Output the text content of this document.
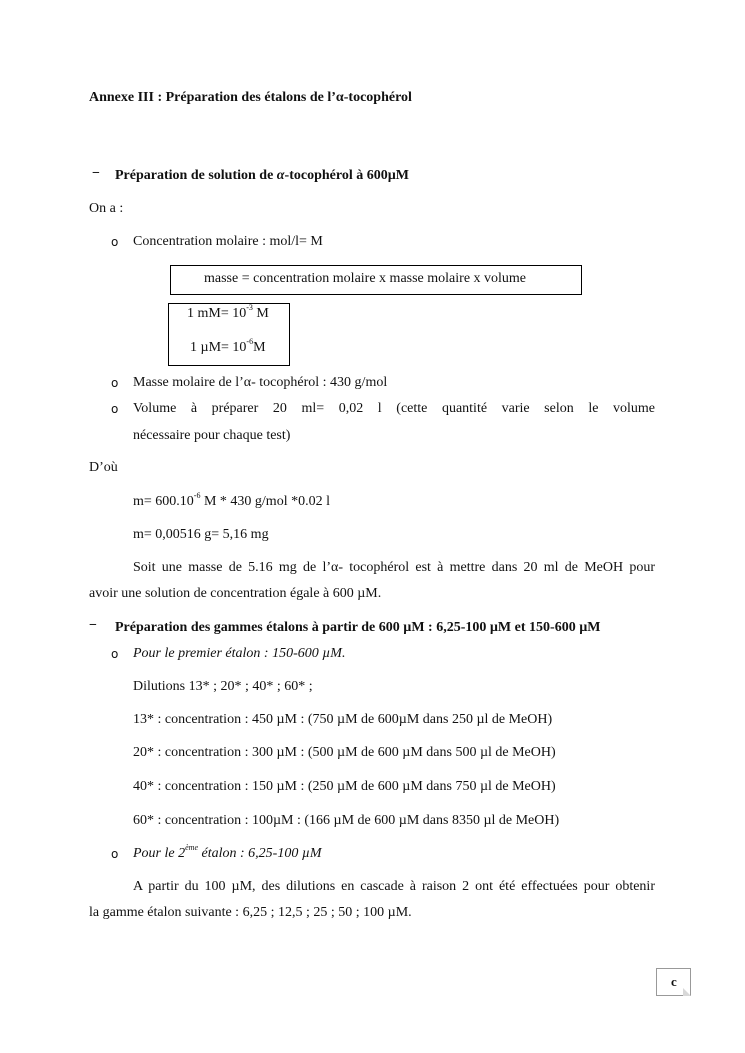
Annexe III : Préparation des étalons de l’α-tocophérol
− Préparation de solution de α-tocophérol à 600µM
On a :
o Concentration molaire : mol/l= M
masse = concentration molaire x masse molaire x volume
1 $mM= 10^{-3}$ M
1 $\mu M= 10^{-6}M$
o Masse molaire de l’α- tocophérol : 430 g/mol
o Volume à préparer 20 ml= 0,02 l (cette quantité varie selon le volume
nécessaire pour chaque test)
D’où
$m= 600.10^{-6}$ M * 430 g/mol *0.02 l
m= 0,00516 g= 5,16 mg
Soit une masse de 5.16 mg de l’α- tocophérol est à mettre dans 20 ml de MeOH pour
avoir une solution de concentration égale à 600 µM.
− Préparation des gammes étalons à partir de 600 µM : 6,25-100 µM et 150-600 µM
o Pour le premier étalon : 150-600 µM.
Dilutions 13* ; 20* ; 40* ; 60* ;
13* : concentration : 450 µM : (750 µM de 600µM dans 250 µl de MeOH)
20* : concentration : 300 µM : (500 µM de 600 µM dans 500 µl de MeOH)
40* : concentration : 150 µM : (250 µM de 600 µM dans 750 µl de MeOH)
60* : concentration : 100µM : (166 µM de 600 µM dans 8350 µl de MeOH)
o Pour le 2ème étalon : 6,25-100 µM
A partir du 100 µM, des dilutions en cascade à raison 2 ont été effectuées pour obtenir
la gamme étalon suivante : 6,25 ; 12,5 ; 25 ; 50 ; 100 µM.
c
